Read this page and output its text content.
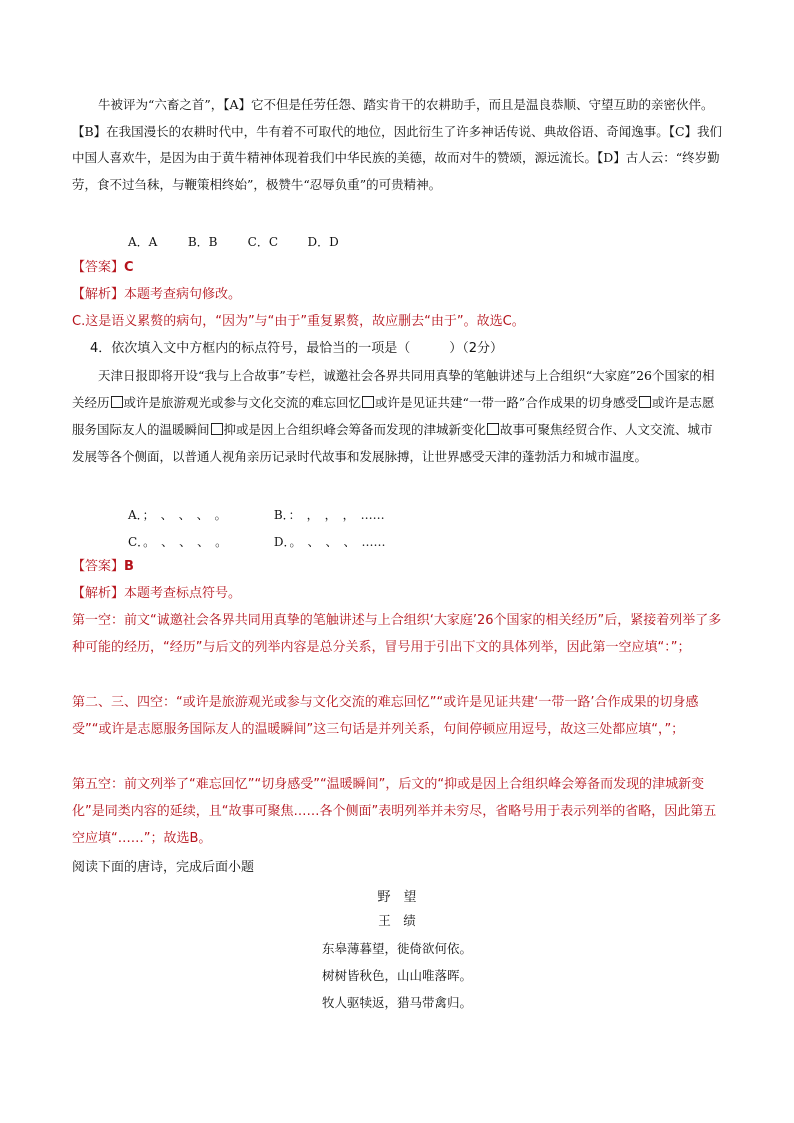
牛被评为“六畜之首”，【A】它不但是任劳任怨、踏实肯干的农耕助手，而且是温良恭顺、守望互助的亲密伙伴。【B】在我国漫长的农耕时代中，牛有着不可取代的地位，因此衍生了许多神话传说、典故俗语、奇闻逸事。【C】我们中国人喜欢牛，是因为由于黄牛精神体现着我们中华民族的美德，故而对牛的赞颂，源远流长。【D】古人云：“终岁勤劳，食不过刍秣，与鞭策相终始”，极赞牛“忍辱负重”的可贵精神。

A．A	B．B	C．C D．D

【答案】C

【解析】本题考查病句修改。

C.这是语义累赘的病句，“因为”与“由于”重复累赘，故应删去“由于”。故选C。

4．依次填入文中方框内的标点符号，最恰当的一项是（　　　）（2分）

天津日报即将开设“我与上合故事”专栏，诚邀社会各界共同用真挚的笔触讲述与上合组织“大家庭”26个国家的相关经历 或许是旅游观光或参与文化交流的难忘回忆 或许是见证共建“一带一路”合作成果的切身感受 或许是志愿服务国际友人的温暖瞬间 抑或是因上合组织峰会筹备而发现的津城新变化 故事可聚焦经贸合作、人文交流、城市发展等各个侧面，以普通人视角亲历记录时代故事和发展脉搏，让世界感受天津的蓬勃活力和城市温度。

A．；　、　、　、　。	B．：　，　，　，　……
C．。　、　、　、　。	D．。　、　、　、　……

【答案】B

【解析】本题考查标点符号。

第一空：前文“诚邀社会各界共同用真挚的笔触讲述与上合组织‘大家庭’26个国家的相关经历”后，紧接着列举了多种可能的经历，“经历”与后文的列举内容是总分关系，冒号用于引出下文的具体列举，因此第一空应填“：”；

第二、三、四空：“或许是旅游观光或参与文化交流的难忘回忆”“或许是见证共建‘一带一路’合作成果的切身感受”“或许是志愿服务国际友人的温暖瞬间”这三句话是并列关系，句间停顿应用逗号，故这三处都应填“，”；

第五空：前文列举了“难忘回忆”“切身感受”“温暖瞬间”，后文的“抑或是因上合组织峰会筹备而发现的津城新变化”是同类内容的延续，且“故事可聚焦……各个侧面”表明列举并未穷尽，省略号用于表示列举的省略，因此第五空应填“……”；故选B。

阅读下面的唐诗，完成后面小题

野　望
王　绩
东皋薄暮望，徙倚欲何依。
树树皆秋色，山山唯落晖。
牧人驱犊返，猎马带禽归。
